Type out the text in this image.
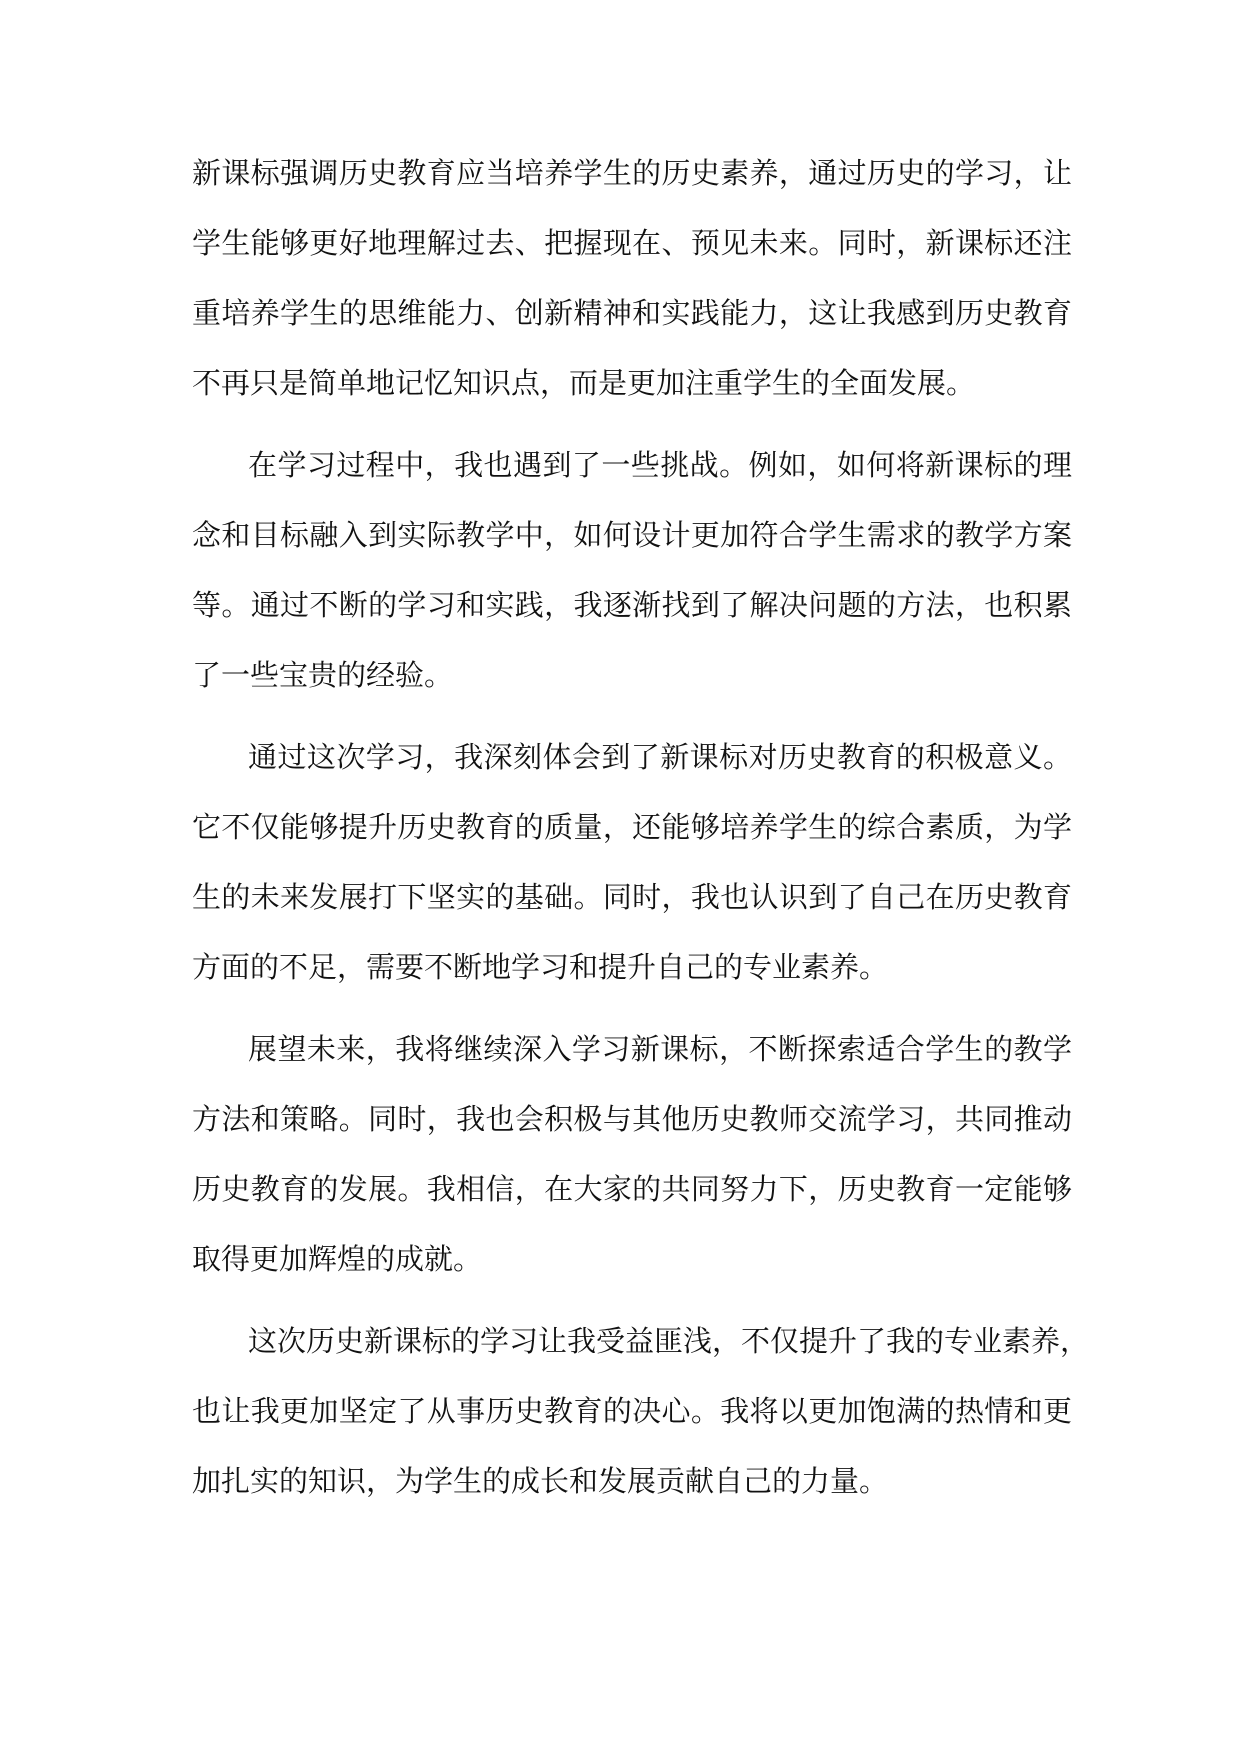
新课标强调历史教育应当培养学生的历史素养，通过历史的学习，让
学生能够更好地理解过去、把握现在、预见未来。同时，新课标还注
重培养学生的思维能力、创新精神和实践能力，这让我感到历史教育
不再只是简单地记忆知识点，而是更加注重学生的全面发展。
在学习过程中，我也遇到了一些挑战。例如，如何将新课标的理
念和目标融入到实际教学中，如何设计更加符合学生需求的教学方案
等。通过不断的学习和实践，我逐渐找到了解决问题的方法，也积累
了一些宝贵的经验。
通过这次学习，我深刻体会到了新课标对历史教育的积极意义。
它不仅能够提升历史教育的质量，还能够培养学生的综合素质，为学
生的未来发展打下坚实的基础。同时，我也认识到了自己在历史教育
方面的不足，需要不断地学习和提升自己的专业素养。
展望未来，我将继续深入学习新课标，不断探索适合学生的教学
方法和策略。同时，我也会积极与其他历史教师交流学习，共同推动
历史教育的发展。我相信，在大家的共同努力下，历史教育一定能够
取得更加辉煌的成就。
这次历史新课标的学习让我受益匪浅，不仅提升了我的专业素养，
也让我更加坚定了从事历史教育的决心。我将以更加饱满的热情和更
加扎实的知识，为学生的成长和发展贡献自己的力量。
